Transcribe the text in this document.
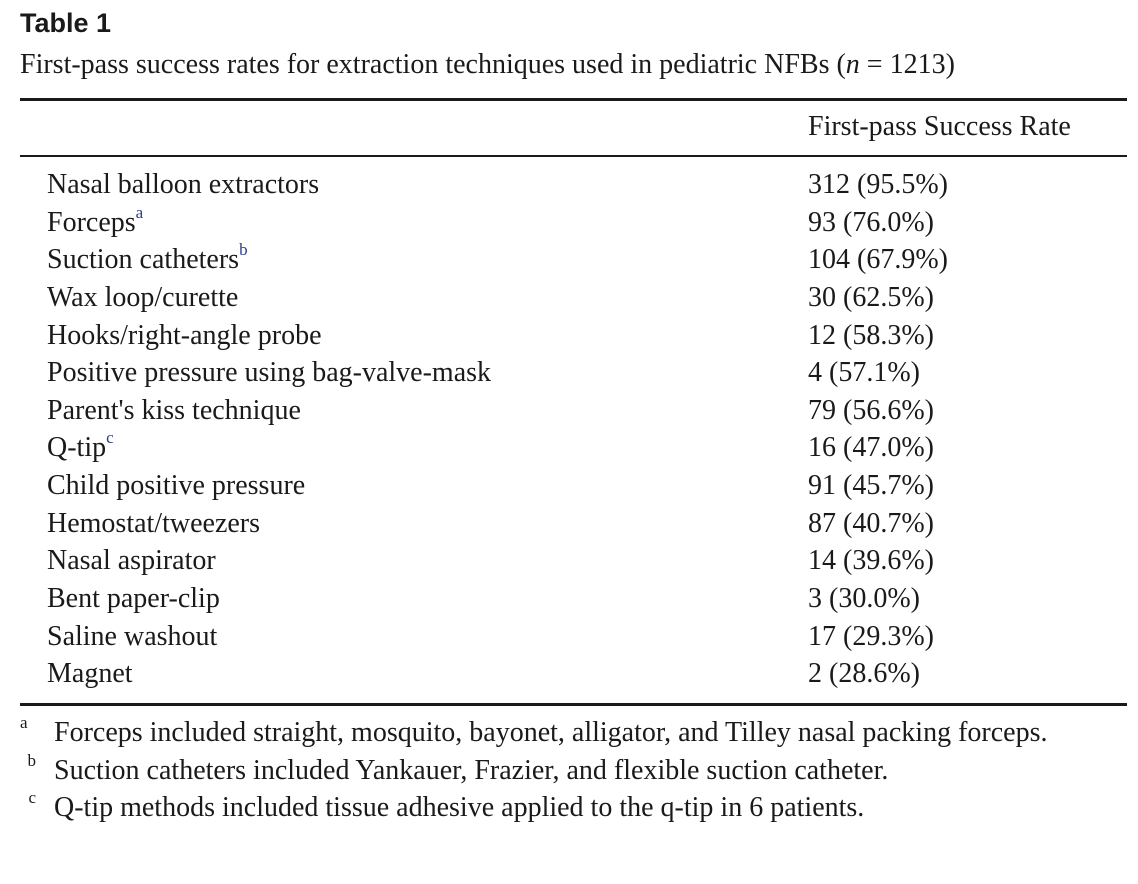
Table 1

First-pass success rates for extraction techniques used in pediatric NFBs (n = 1213)

First-pass Success Rate
Nasal balloon extractors	312 (95.5%)
Forceps$^a$	93 (76.0%)
Suction catheters$^b$	104 (67.9%)
Wax loop/curette	30 (62.5%)
Hooks/right-angle probe	12 (58.3%)
Positive pressure using bag-valve-mask	4 (57.1%)
Parent's kiss technique	79 (56.6%)
Q-tip$^c$	16 (47.0%)
Child positive pressure	91 (45.7%)
Hemostat/tweezers	87 (40.7%)
Nasal aspirator	14 (39.6%)
Bent paper-clip	3 (30.0%)
Saline washout	17 (29.3%)
Magnet	2 (28.6%)

a Forceps included straight, mosquito, bayonet, alligator, and Tilley nasal packing forceps.

b Suction catheters included Yankauer, Frazier, and flexible suction catheter.

c Q-tip methods included tissue adhesive applied to the q-tip in 6 patients.
